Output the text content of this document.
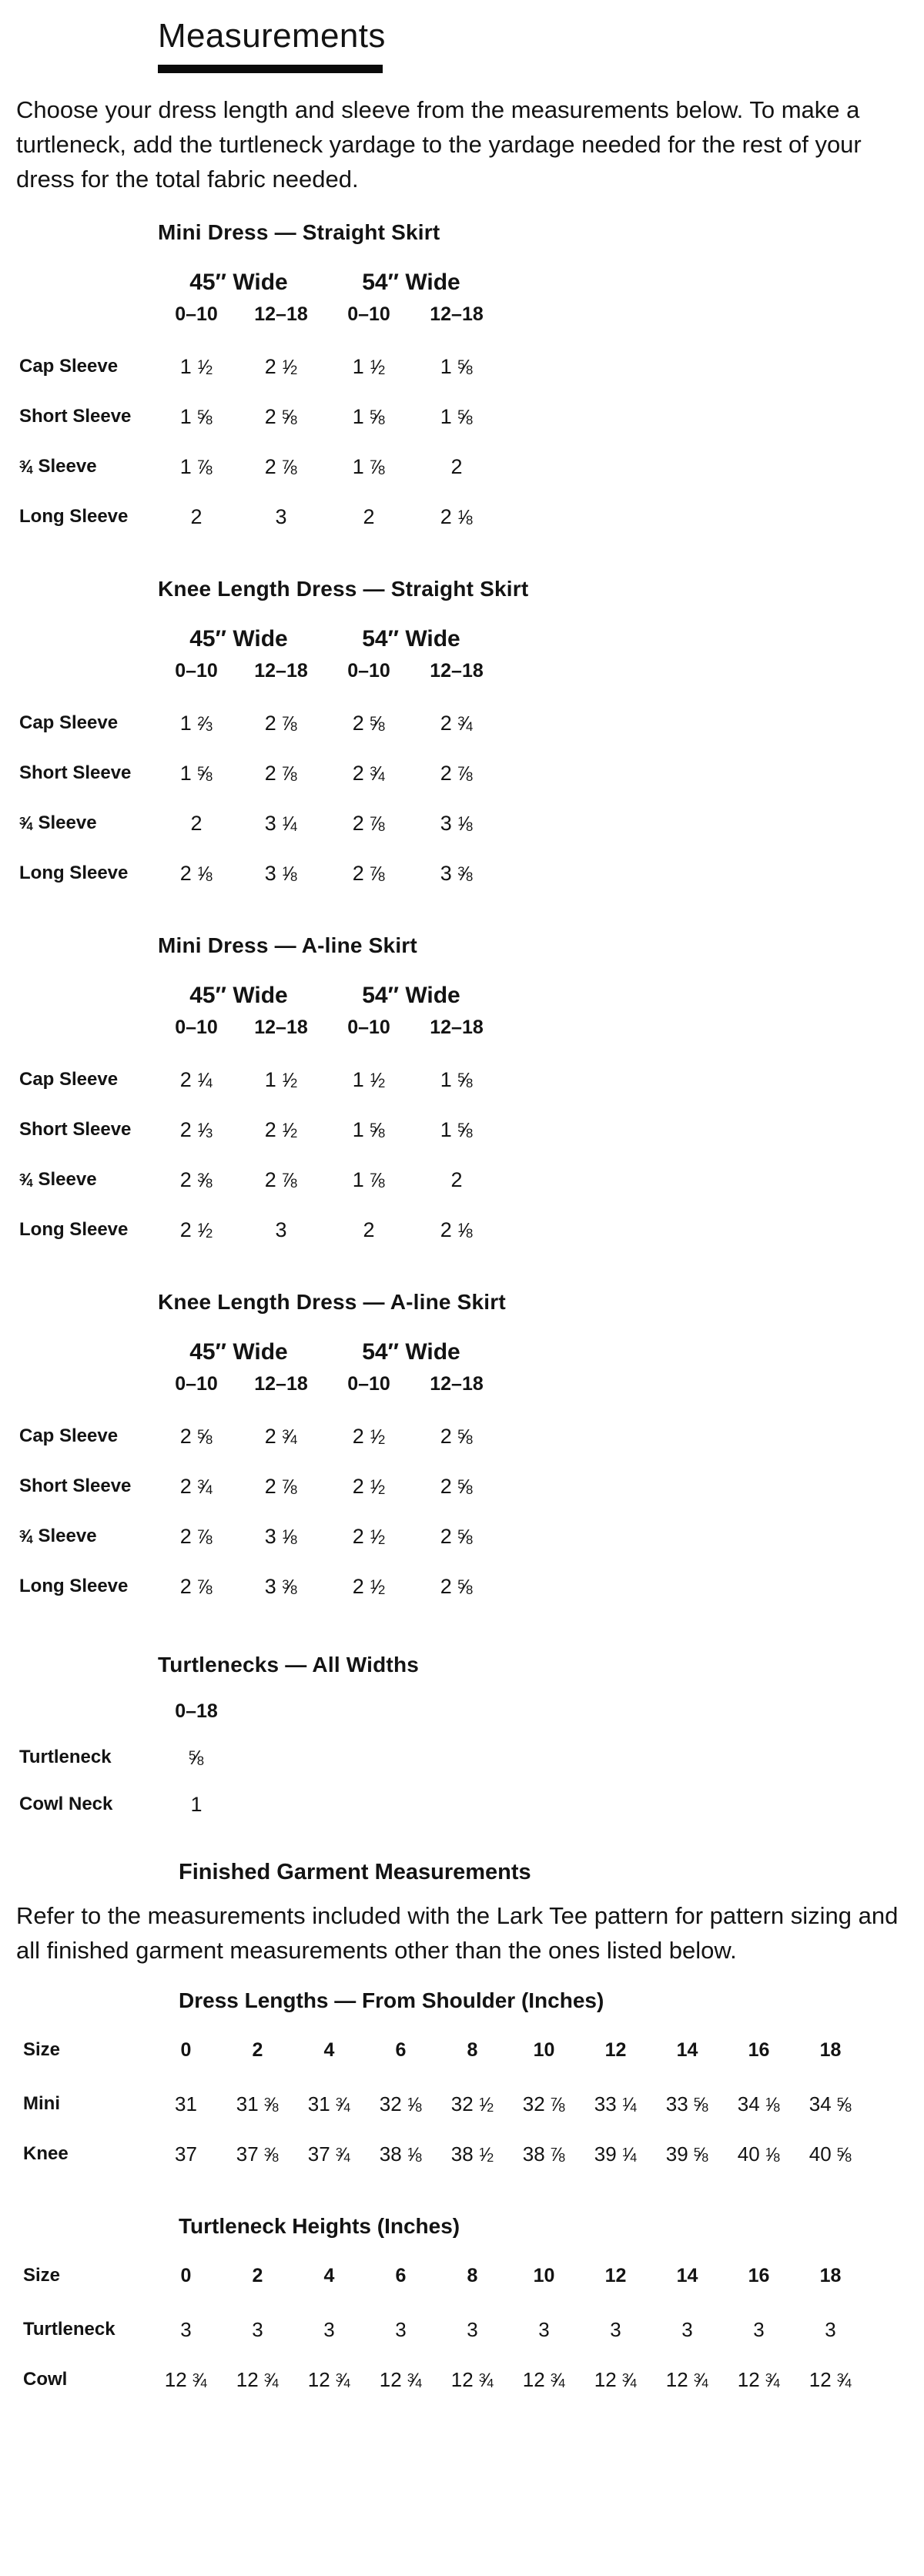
Measurements

Choose your dress length and sleeve from the measurements below. To make a turtleneck, add the turtleneck yardage to the yardage needed for the rest of your dress for the total fabric needed.

Mini Dress — Straight Skirt
45″ Wide	54″ Wide
0–10	12–18	0–10	12–18
Cap Sleeve	1 $^1⁄_2$	2 $^1⁄_2$	1 $^1⁄_2$	1 $^5⁄_8$
Short Sleeve	1 $^5⁄_8$	2 $^5⁄_8$	1 $^5⁄_8$	1 $^5⁄_8$
$^3⁄_4$ Sleeve	1 $^7⁄_8$	2 $^7⁄_8$	1 $^7⁄_8$	2
Long Sleeve	2	3	2	2 $^1⁄_8$
Knee Length Dress — Straight Skirt
45″ Wide	54″ Wide
0–10	12–18	0–10	12–18
Cap Sleeve	1 $^2⁄_3$	2 $^7⁄_8$	2 $^5⁄_8$	2 $^3⁄_4$
Short Sleeve	1 $^5⁄_8$	2 $^7⁄_8$	2 $^3⁄_4$	2 $^7⁄_8$
$^3⁄_4$ Sleeve	2	3 $^1⁄_4$	2 $^7⁄_8$	3 $^1⁄_8$
Long Sleeve	2 $^1⁄_8$	3 $^1⁄_8$	2 $^7⁄_8$	3 $^3⁄_8$
Mini Dress — A-line Skirt
45″ Wide	54″ Wide
0–10	12–18	0–10	12–18
Cap Sleeve	2 $^1⁄_4$	1 $^1⁄_2$	1 $^1⁄_2$	1 $^5⁄_8$
Short Sleeve	2 $^1⁄_3$	2 $^1⁄_2$	1 $^5⁄_8$	1 $^5⁄_8$
$^3⁄_4$ Sleeve	2 $^3⁄_8$	2 $^7⁄_8$	1 $^7⁄_8$	2
Long Sleeve	2 $^1⁄_2$	3	2	2 $^1⁄_8$
Knee Length Dress — A-line Skirt
45″ Wide	54″ Wide
0–10	12–18	0–10	12–18
Cap Sleeve	2 $^5⁄_8$	2 $^3⁄_4$	2 $^1⁄_2$	2 $^5⁄_8$
Short Sleeve	2 $^3⁄_4$	2 $^7⁄_8$	2 $^1⁄_2$	2 $^5⁄_8$
$^3⁄_4$ Sleeve	2 $^7⁄_8$	3 $^1⁄_8$	2 $^1⁄_2$	2 $^5⁄_8$
Long Sleeve	2 $^7⁄_8$	3 $^3⁄_8$	2 $^1⁄_2$	2 $^5⁄_8$
Turtlenecks — All Widths
0–18
Turtleneck	$^5⁄_8$
Cowl Neck	1
Finished Garment Measurements

Refer to the measurements included with the Lark Tee pattern for pattern sizing and all finished garment measurements other than the ones listed below.

Dress Lengths — From Shoulder (Inches)
Size	0	2	4	6	8	10	12	14	16	18
Mini	31	31 $^3⁄_8$	31 $^3⁄_4$	32 $^1⁄_8$	32 $^1⁄_2$	32 $^7⁄_8$	33 $^1⁄_4$	33 $^5⁄_8$	34 $^1⁄_8$	34 $^5⁄_8$
Knee	37	37 $^3⁄_8$	37 $^3⁄_4$	38 $^1⁄_8$	38 $^1⁄_2$	38 $^7⁄_8$	39 $^1⁄_4$	39 $^5⁄_8$	40 $^1⁄_8$	40 $^5⁄_8$
Turtleneck Heights (Inches)
Size	0	2	4	6	8	10	12	14	16	18
Turtleneck	3	3	3	3	3	3	3	3	3	3
Cowl	12 $^3⁄_4$	12 $^3⁄_4$	12 $^3⁄_4$	12 $^3⁄_4$	12 $^3⁄_4$	12 $^3⁄_4$	12 $^3⁄_4$	12 $^3⁄_4$	12 $^3⁄_4$	12 $^3⁄_4$
